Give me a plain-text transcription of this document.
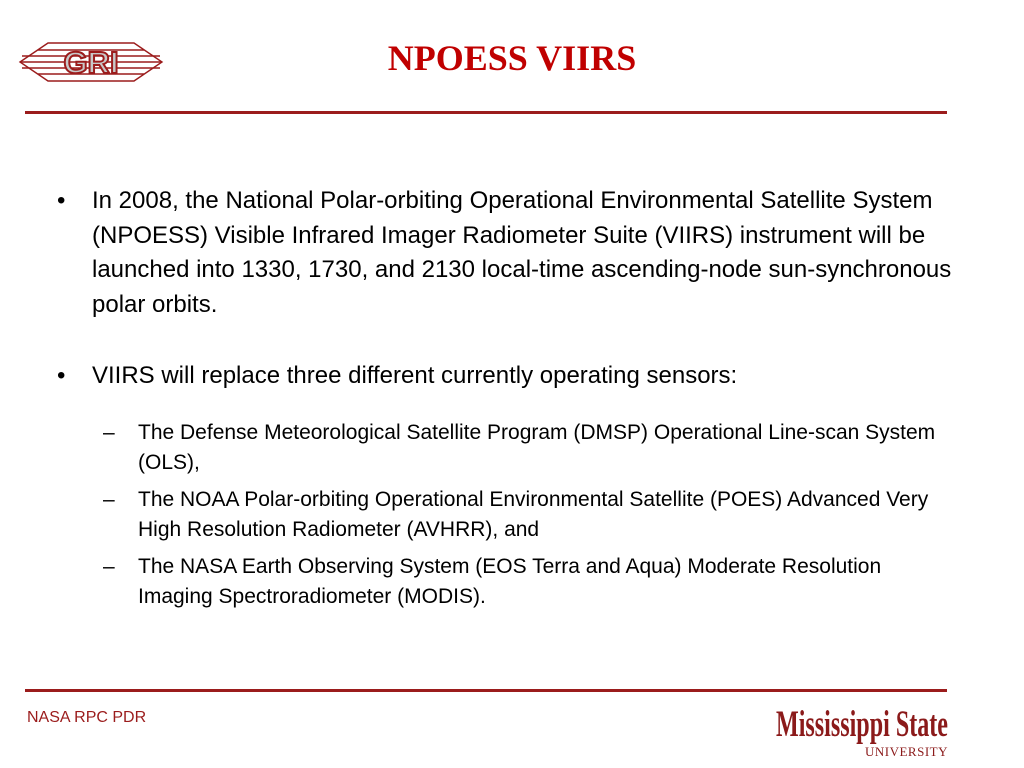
GRI	NPOESS VIIRS

• In 2008, the National Polar-orbiting Operational Environmental Satellite System (NPOESS) Visible Infrared Imager Radiometer Suite (VIIRS) instrument will be launched into 1330, 1730, and 2130 local-time ascending-node sun-synchronous polar orbits.

• VIIRS will replace three different currently operating sensors:

– The Defense Meteorological Satellite Program (DMSP) Operational Line-scan System (OLS),

– The NOAA Polar-orbiting Operational Environmental Satellite (POES) Advanced Very High Resolution Radiometer (AVHRR), and

– The NASA Earth Observing System (EOS Terra and Aqua) Moderate Resolution Imaging Spectroradiometer (MODIS).

NASA RPC PDR	Mississippi State
UNIVERSITY
